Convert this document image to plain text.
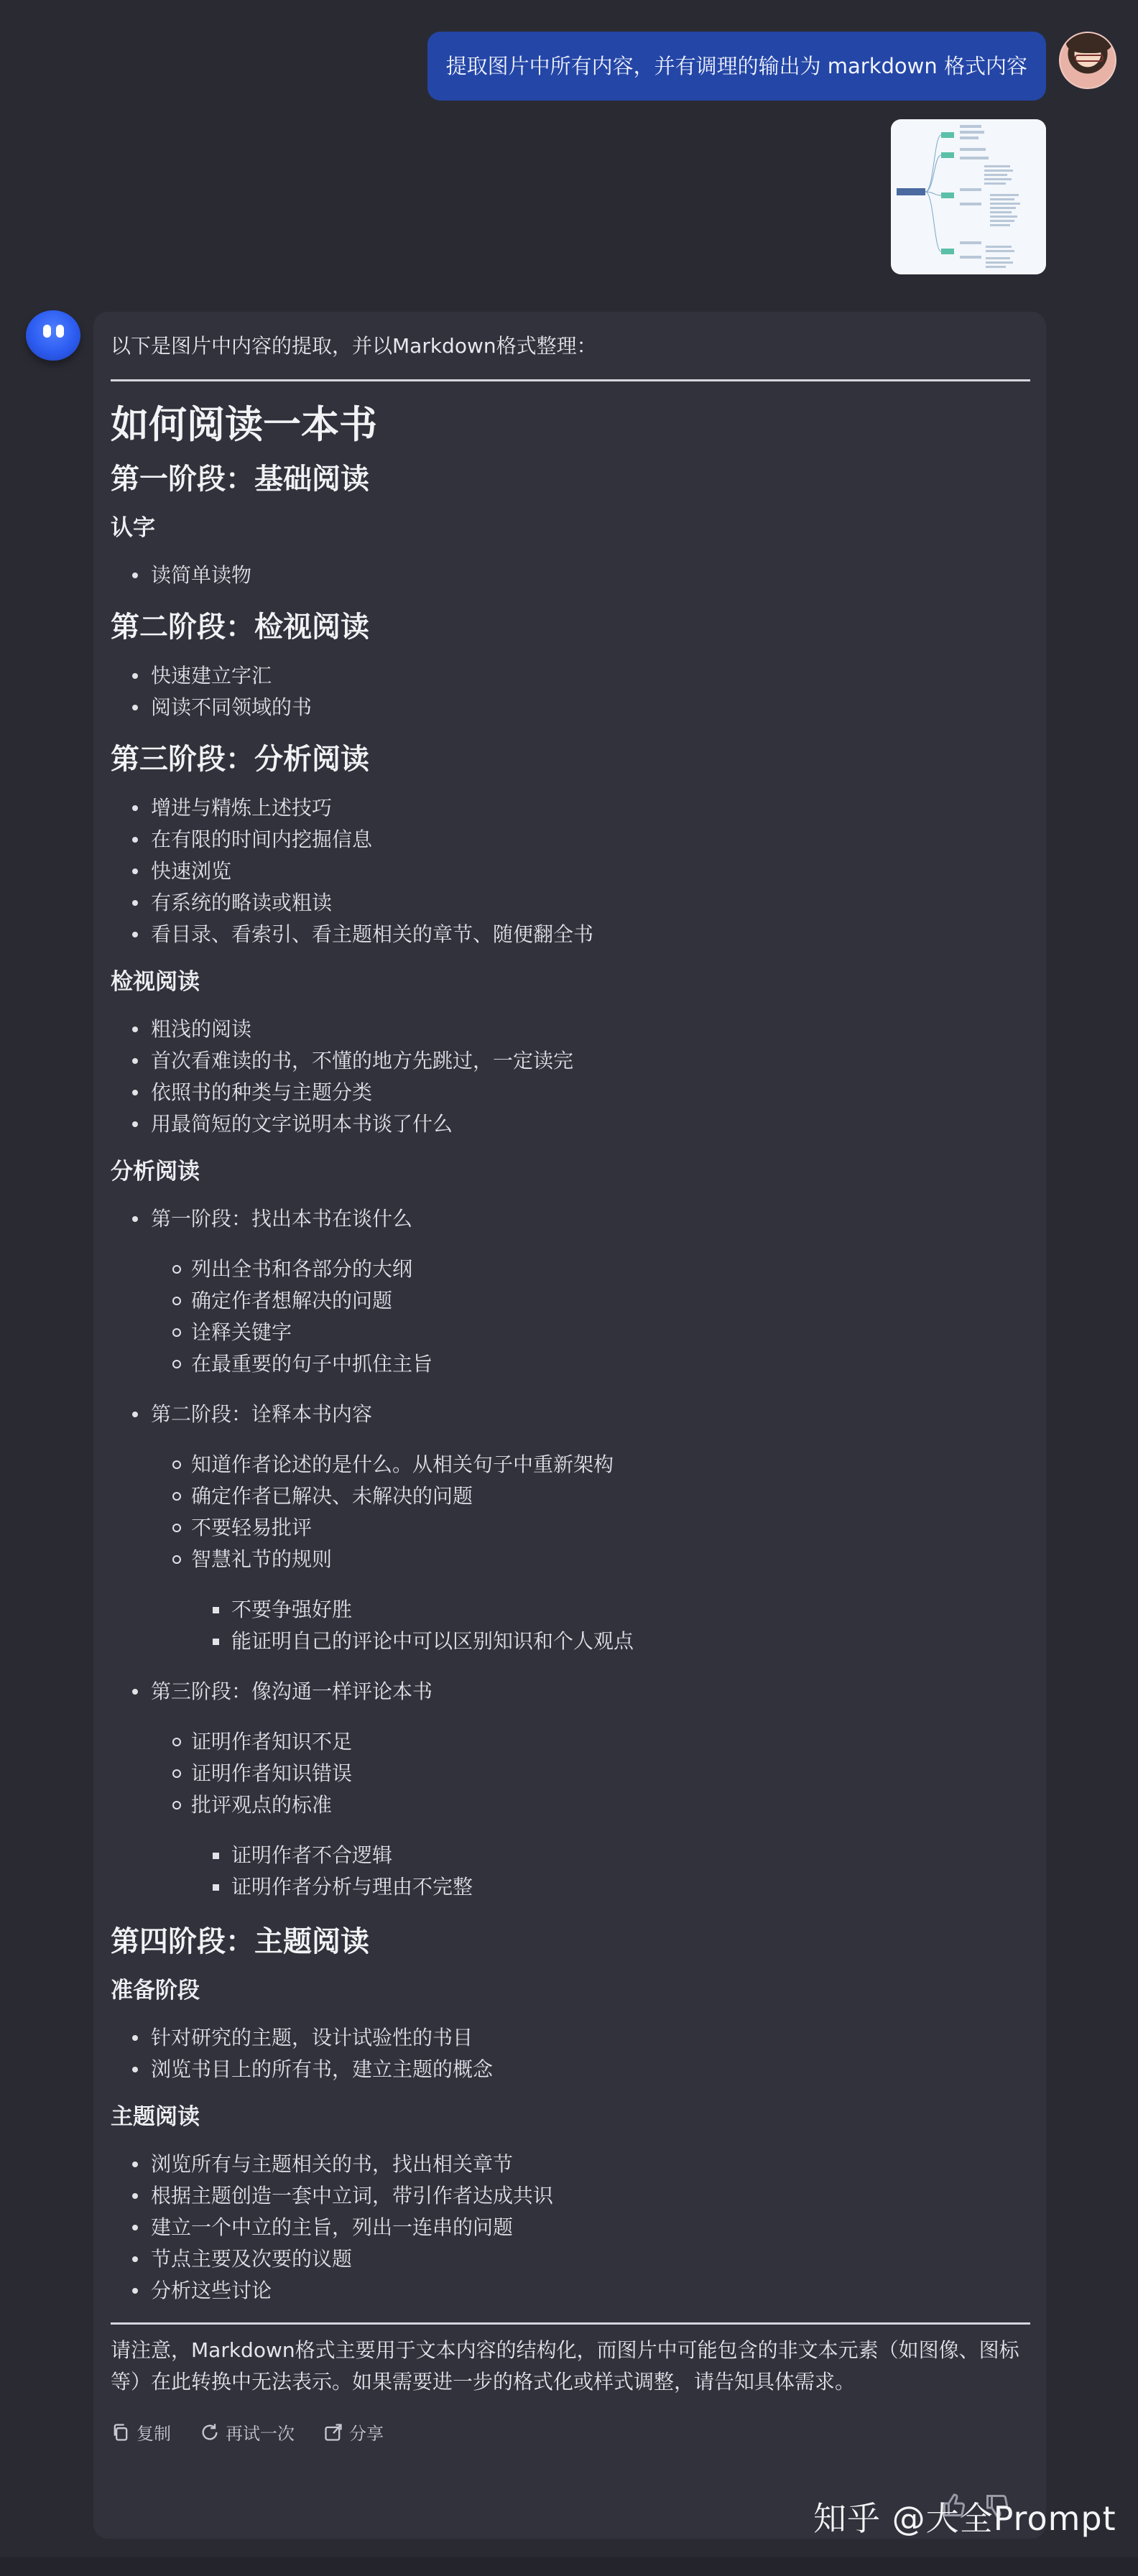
提取图片中所有内容，并有调理的输出为 markdown 格式内容

以下是图片中内容的提取，并以Markdown格式整理：

如何阅读一本书
第一阶段：基础阅读
认字
读简单读物
第二阶段：检视阅读
快速建立字汇
阅读不同领域的书
第三阶段：分析阅读
增进与精炼上述技巧
在有限的时间内挖掘信息
快速浏览
有系统的略读或粗读
看目录、看索引、看主题相关的章节、随便翻全书
检视阅读
粗浅的阅读
首次看难读的书，不懂的地方先跳过，一定读完
依照书的种类与主题分类
用最简短的文字说明本书谈了什么
分析阅读
第一阶段：找出本书在谈什么
列出全书和各部分的大纲
确定作者想解决的问题
诠释关键字
在最重要的句子中抓住主旨
第二阶段：诠释本书内容
知道作者论述的是什么。从相关句子中重新架构
确定作者已解决、未解决的问题
不要轻易批评
智慧礼节的规则
不要争强好胜
能证明自己的评论中可以区别知识和个人观点
第三阶段：像沟通一样评论本书
证明作者知识不足
证明作者知识错误
批评观点的标准
证明作者不合逻辑
证明作者分析与理由不完整
第四阶段：主题阅读
准备阶段
针对研究的主题，设计试验性的书目
浏览书目上的所有书，建立主题的概念
主题阅读
浏览所有与主题相关的书，找出相关章节
根据主题创造一套中立词，带引作者达成共识
建立一个中立的主旨，列出一连串的问题
节点主要及次要的议题
分析这些讨论

请注意，Markdown格式主要用于文本内容的结构化，而图片中可能包含的非文本元素（如图像、图标等）在此转换中无法表示。如果需要进一步的格式化或样式调整，请告知具体需求。

复制	再试一次	分享
知乎 @大全Prompt
